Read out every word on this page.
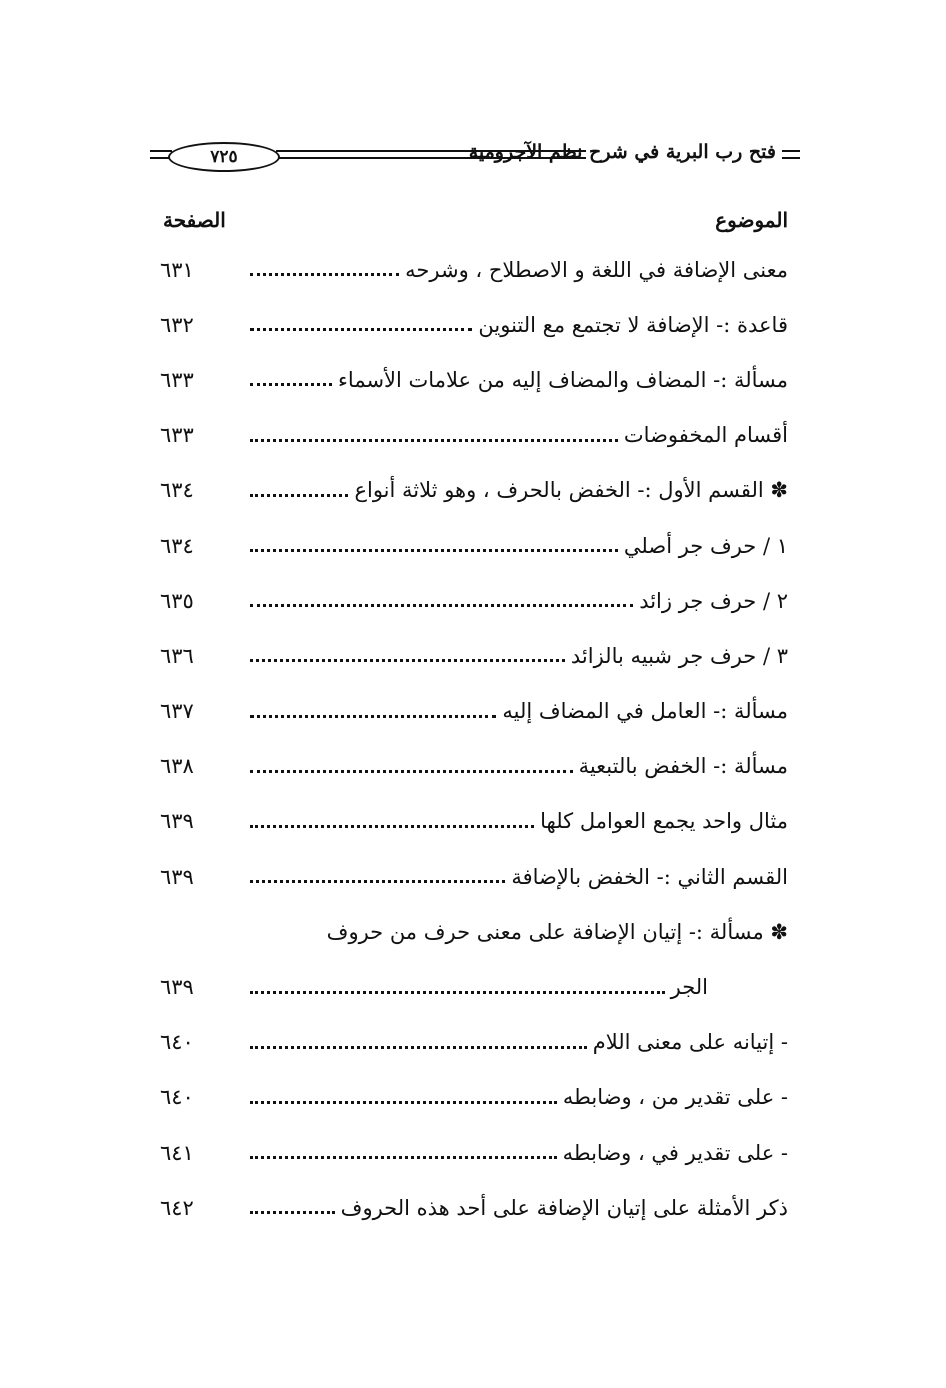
٧٢٥	فتح رب البرية في شرح نظم الآجرومية
الموضوع
الصفحة
معنى الإضافة في اللغة و الاصطلاح ، وشرحه
٦٣١
قاعدة :- الإضافة لا تجتمع مع التنوين
٦٣٢
مسألة :- المضاف والمضاف إليه من علامات الأسماء
٦٣٣
أقسام المخفوضات
٦٣٣
✽ القسم الأول :- الخفض بالحرف ، وهو ثلاثة أنواع
٦٣٤
١ / حرف جر أصلي
٦٣٤
٢ / حرف جر زائد
٦٣٥
٣ / حرف جر شبيه بالزائد
٦٣٦
مسألة :- العامل في المضاف إليه
٦٣٧
مسألة :- الخفض بالتبعية
٦٣٨
مثال واحد يجمع العوامل كلها
٦٣٩
القسم الثاني :- الخفض بالإضافة
٦٣٩
✽ مسألة :- إتيان الإضافة على معنى حرف من حروف
الجر
٦٣٩
- إتيانه على معنى اللام
٦٤٠
- على تقدير من ، وضابطه
٦٤٠
- على تقدير في ، وضابطه
٦٤١
ذكر الأمثلة على إتيان الإضافة على أحد هذه الحروف
٦٤٢
